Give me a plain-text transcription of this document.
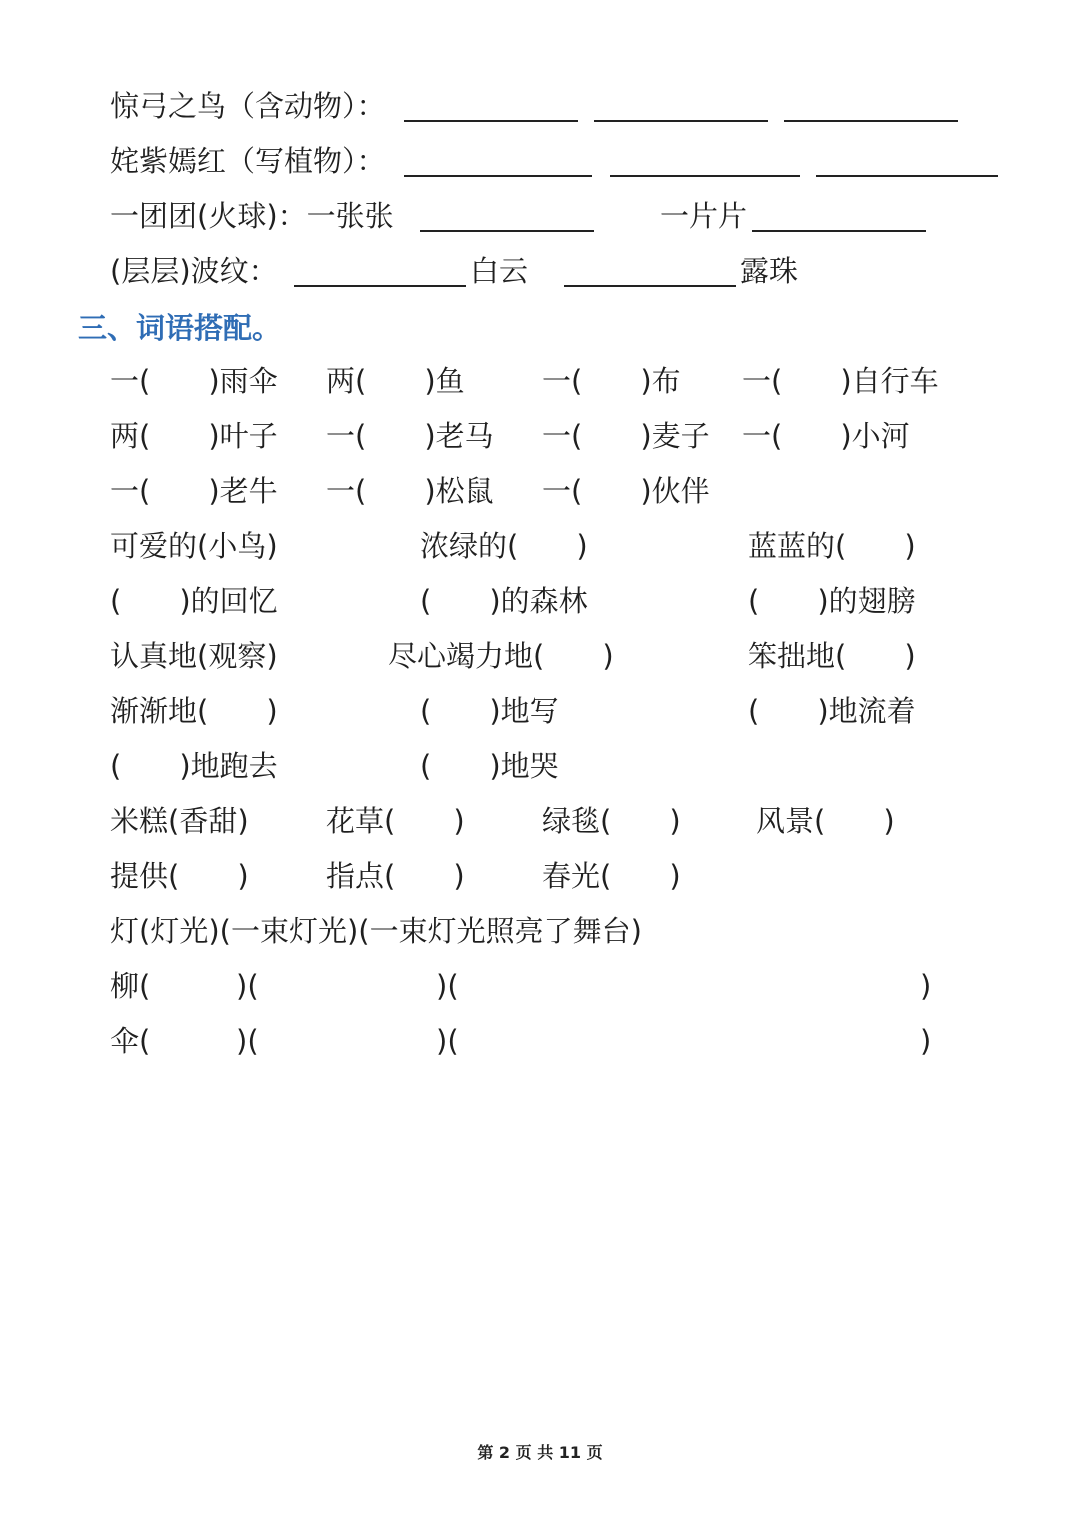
惊弓之鸟（含动物）：
姹紫嫣红（写植物）：
一团团(火球)：一张张	一片片
(层层)波纹：	白云	露珠
三、词语搭配。
一(　　)雨伞 两(　　)鱼	一(　　)布 一(　　)自行车
两(　　)叶子 一(　　)老马 一(　　)麦子 一(　　)小河
一(　　)老牛 一(　　)松鼠 一(　　)伙伴
可爱的(小鸟)	浓绿的(　　)	蓝蓝的(　　)
(　　)的回忆	(　　)的森林	(　　)的翅膀
认真地(观察)	尽心竭力地(　　)	笨拙地(　　)
渐渐地(　　)	(　　)地写	(　　)地流着
(　　)地跑去	(　　)地哭
米糕(香甜)	花草(　　)	绿毯(　　)	风景(　　)
提供(　　)	指点(　　)	春光(　　)
灯(灯光)(一束灯光)(一束灯光照亮了舞台)
柳(	)(	)(	)
伞(	)(	)(	)
第 2 页 共 11 页
